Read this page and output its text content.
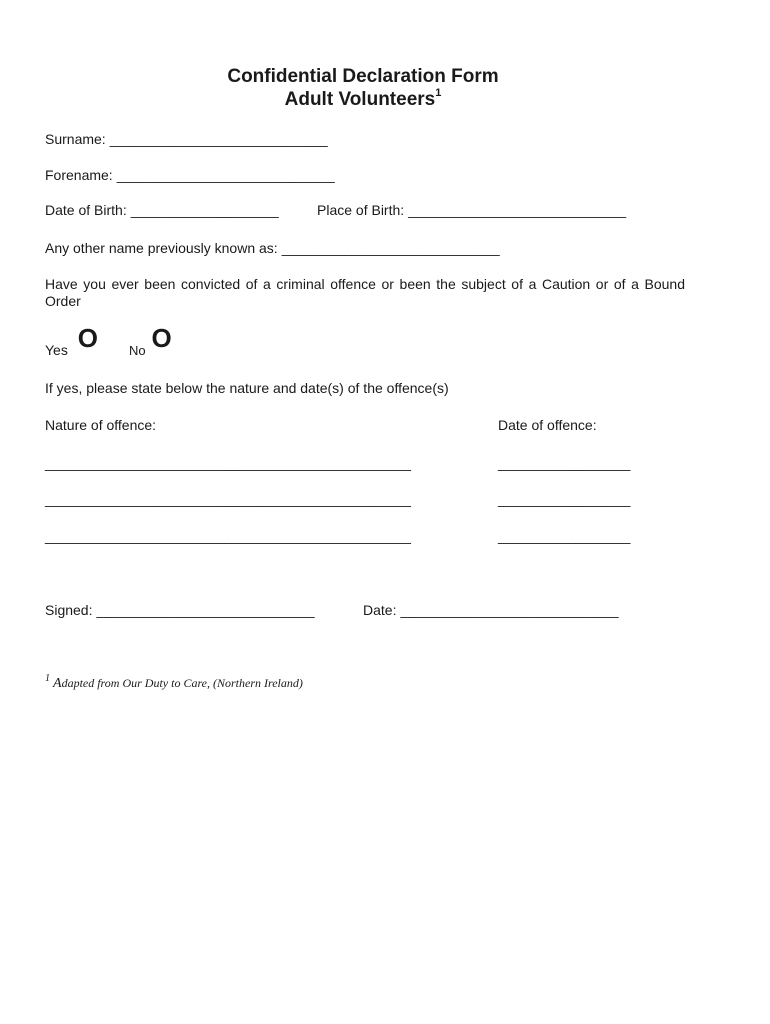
Confidential Declaration Form
Adult Volunteers$^1$
Surname: ____________________________
Forename: ____________________________
Date of Birth: ___________________	Place of Birth: ____________________________
Any other name previously known as: ____________________________
Have you ever been convicted of a criminal offence or been the subject of a Caution or of a Bound Order
Yes O No O
If yes, please state below the nature and date(s) of the offence(s)
Nature of offence:	Date of offence:
_______________________________________________	_________________
_______________________________________________	_________________
_______________________________________________	_________________
Signed: ____________________________	Date: ____________________________
$^1$ Adapted from Our Duty to Care, (Northern Ireland)
